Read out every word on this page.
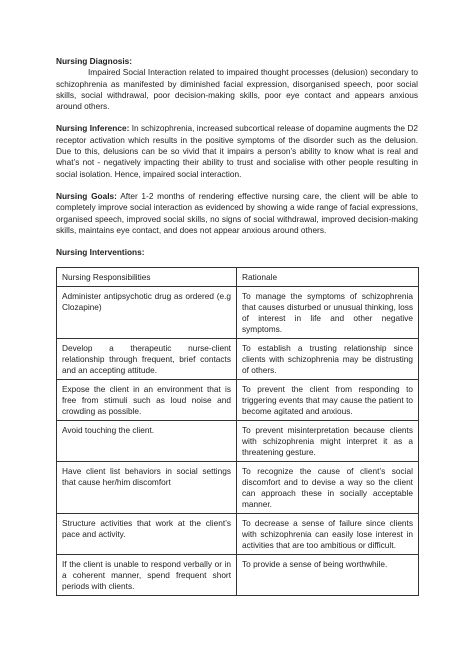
Nursing Diagnosis:

Impaired Social Interaction related to impaired thought processes (delusion) secondary to schizophrenia as manifested by diminished facial expression, disorganised speech, poor social skills, social withdrawal, poor decision-making skills, poor eye contact and appears anxious around others.

Nursing Inference: In schizophrenia, increased subcortical release of dopamine augments the D2 receptor activation which results in the positive symptoms of the disorder such as the delusion. Due to this, delusions can be so vivid that it impairs a person’s ability to know what is real and what’s not - negatively impacting their ability to trust and socialise with other people resulting in social isolation. Hence, impaired social interaction.

Nursing Goals: After 1-2 months of rendering effective nursing care, the client will be able to completely improve social interaction as evidenced by showing a wide range of facial expressions, organised speech, improved social skills, no signs of social withdrawal, improved decision-making skills, maintains eye contact, and does not appear anxious around others.

Nursing Interventions:

Nursing Responsibilities	Rationale
Administer antipsychotic drug as ordered (e.g Clozapine)	To manage the symptoms of schizophrenia that causes disturbed or unusual thinking, loss of interest in life and other negative symptoms.
Develop a therapeutic nurse-client relationship through frequent, brief contacts and an accepting attitude.	To establish a trusting relationship since clients with schizophrenia may be distrusting of others.
Expose the client in an environment that is free from stimuli such as loud noise and crowding as possible.	To prevent the client from responding to triggering events that may cause the patient to become agitated and anxious.
Avoid touching the client.	To prevent misinterpretation because clients with schizophrenia might interpret it as a threatening gesture.
Have client list behaviors in social settings that cause her/him discomfort	To recognize the cause of client’s social discomfort and to devise a way so the client can approach these in socially acceptable manner.
Structure activities that work at the client’s pace and activity.	To decrease a sense of failure since clients with schizophrenia can easily lose interest in activities that are too ambitious or difficult.
If the client is unable to respond verbally or in a coherent manner, spend frequent short periods with clients.	To provide a sense of being worthwhile.
